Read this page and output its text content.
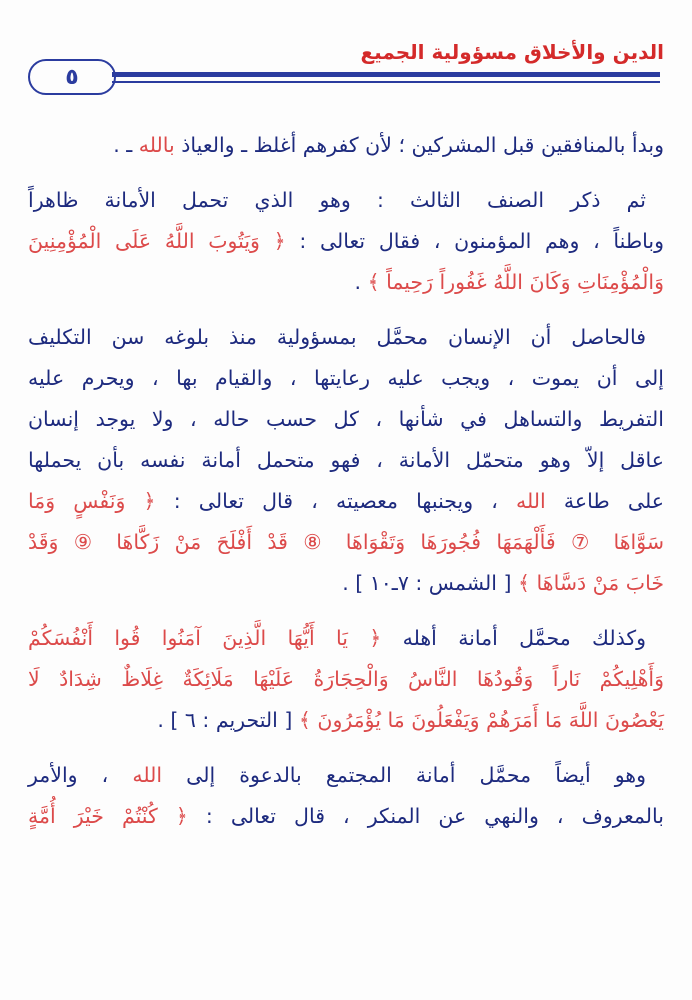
الدين والأخلاق مسؤولية الجميع
٥
وبدأ بالمنافقين قبل المشركين ؛ لأن كفرهم أغلظ ـ والعياذ بالله ـ .
ثم ذكر الصنف الثالث : وهو الذي تحمل الأمانة ظاهراً
وباطناً ، وهم المؤمنون ، فقال تعالى : ﴿ وَيَتُوبَ اللَّهُ عَلَى الْمُؤْمِنِينَ
وَالْمُؤْمِنَاتِ وَكَانَ اللَّهُ غَفُوراً رَحِيماً ﴾ .
فالحاصل أن الإنسان محمَّل بمسؤولية منذ بلوغه سن التكليف
إلى أن يموت ، ويجب عليه رعايتها ، والقيام بها ، ويحرم عليه
التفريط والتساهل في شأنها ، كل حسب حاله ، ولا يوجد إنسان
عاقل إلاّ وهو متحمّل الأمانة ، فهو متحمل أمانة نفسه بأن يحملها
على طاعة الله ، ويجنبها معصيته ، قال تعالى : ﴿ وَنَفْسٍ وَمَا
سَوَّاهَا ⑦ فَأَلْهَمَهَا فُجُورَهَا وَتَقْوَاهَا ⑧ قَدْ أَفْلَحَ مَنْ زَكَّاهَا ⑨ وَقَدْ
خَابَ مَنْ دَسَّاهَا ﴾ [ الشمس : ٧ـ١٠ ] .
وكذلك محمَّل أمانة أهله ﴿ يَا أَيُّهَا الَّذِينَ آمَنُوا قُوا أَنْفُسَكُمْ
وَأَهْلِيكُمْ نَاراً وَقُودُهَا النَّاسُ وَالْحِجَارَةُ عَلَيْهَا مَلَائِكَةٌ غِلَاظٌ شِدَادٌ لَا
يَعْصُونَ اللَّهَ مَا أَمَرَهُمْ وَيَفْعَلُونَ مَا يُؤْمَرُونَ ﴾ [ التحريم : ٦ ] .
وهو أيضاً محمَّل أمانة المجتمع بالدعوة إلى الله ، والأمر
بالمعروف ، والنهي عن المنكر ، قال تعالى : ﴿ كُنْتُمْ خَيْرَ أُمَّةٍ
